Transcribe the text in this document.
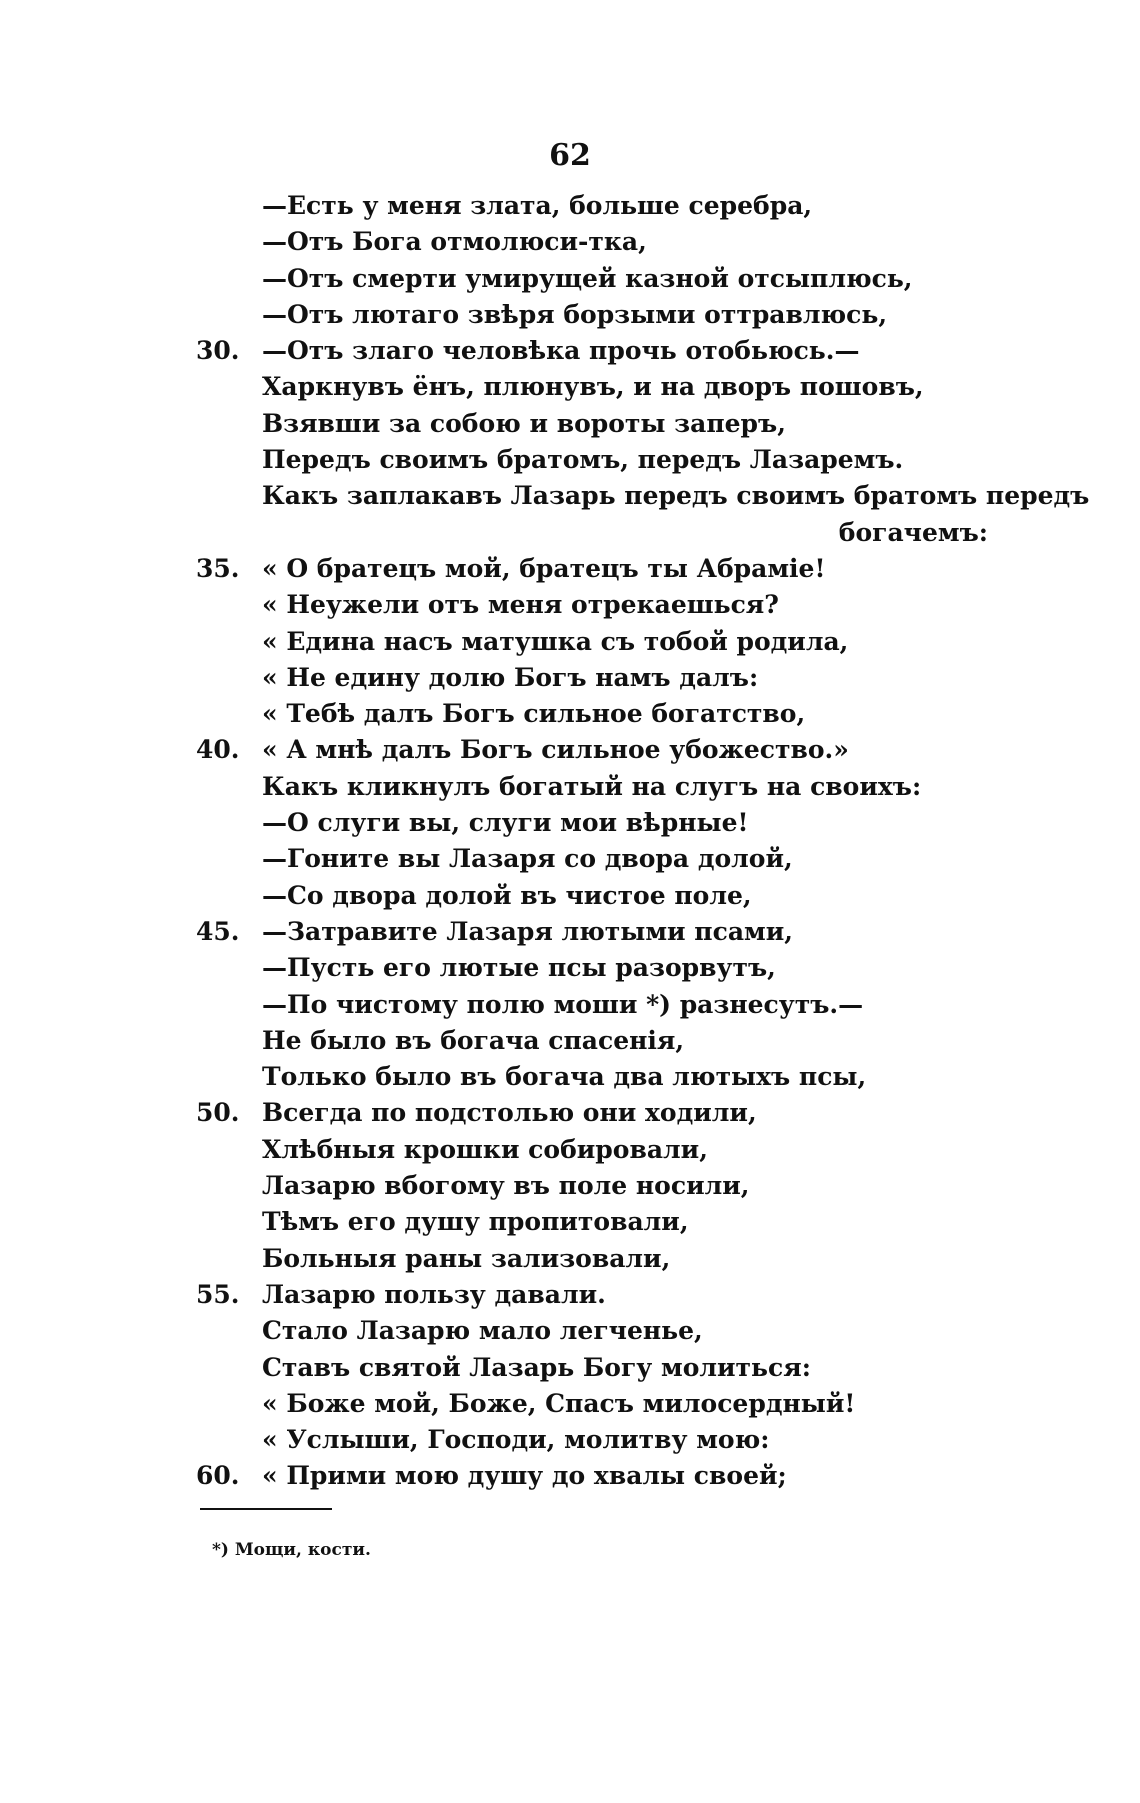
62
—Есть у меня злата, больше серебра,
—Отъ Бога отмолюси-тка,
—Отъ смерти умирущей казной отсыплюсь,
—Отъ лютаго звѣря борзыми оттравлюсь,
30. —Отъ злаго человѣка прочь отобьюсь.—
Харкнувъ ёнъ, плюнувъ, и на дворъ пошовъ,
Взявши за собою и вороты заперъ,
Передъ своимъ братомъ, передъ Лазаремъ.
Какъ заплакавъ Лазарь передъ своимъ братомъ передъ
богачемъ:
35. « О братецъ мой, братецъ ты Абраміе!
« Неужели отъ меня отрекаешься?
« Едина насъ матушка съ тобой родила,
« Не едину долю Богъ намъ далъ:
« Тебѣ далъ Богъ сильное богатство,
40. « А мнѣ далъ Богъ сильное убожество.»
Какъ кликнулъ богатый на слугъ на своихъ:
—О слуги вы, слуги мои вѣрные!
—Гоните вы Лазаря со двора долой,
—Со двора долой въ чистое поле,
45. —Затравите Лазаря лютыми псами,
—Пусть его лютые псы разорвутъ,
—По чистому полю моши *) разнесутъ.—
Не было въ богача спасенія,
Только было въ богача два лютыхъ псы,
50. Всегда по подстолью они ходили,
Хлѣбныя крошки собировали,
Лазарю вбогому въ поле носили,
Тѣмъ его душу пропитовали,
Больныя раны зализовали,
55. Лазарю пользу давали.
Стало Лазарю мало легченье,
Ставъ святой Лазарь Богу молиться:
« Боже мой, Боже, Спасъ милосердный!
« Услыши, Господи, молитву мою:
60. « Прими мою душу до хвалы своей;
*) Мощи, кости.
